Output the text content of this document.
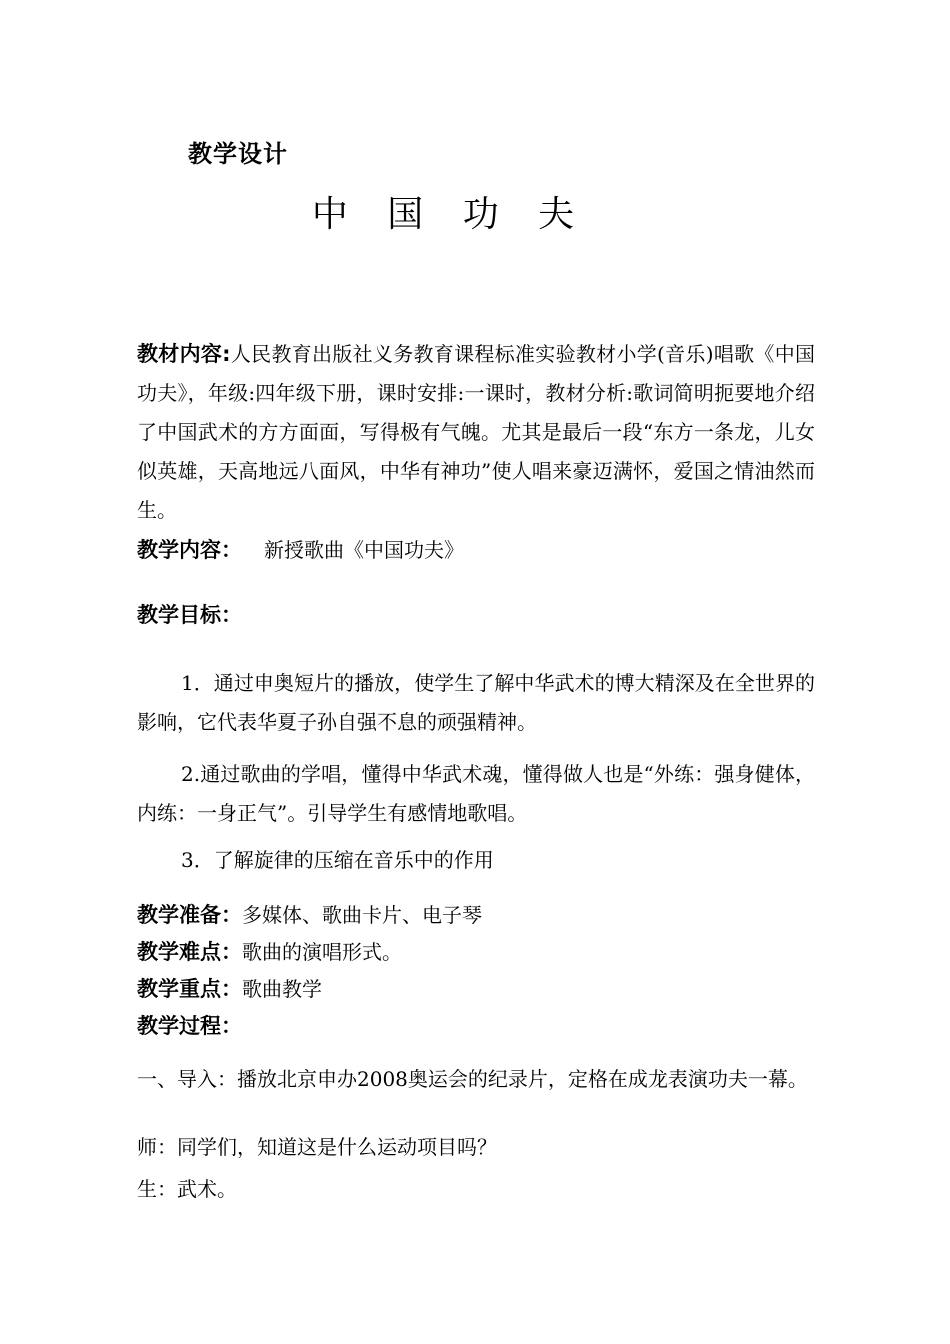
教学设计
中 国 功 夫
教材内容:人民教育出版社义务教育课程标准实验教材小学(音乐)唱歌《中国功夫》，年级:四年级下册，课时安排:一课时，教材分析:歌词简明扼要地介绍了中国武术的方方面面，写得极有气魄。尤其是最后一段“东方一条龙，儿女似英雄，天高地远八面风，中华有神功”使人唱来豪迈满怀，爱国之情油然而生。
教学内容： 新授歌曲《中国功夫》
教学目标：
1．通过申奥短片的播放，使学生了解中华武术的博大精深及在全世界的影响，它代表华夏子孙自强不息的顽强精神。
2.通过歌曲的学唱，懂得中华武术魂，懂得做人也是“外练：强身健体，内练：一身正气”。引导学生有感情地歌唱。
3．了解旋律的压缩在音乐中的作用
教学准备：多媒体、歌曲卡片、电子琴
教学难点：歌曲的演唱形式。
教学重点：歌曲教学
教学过程：
一、导入：播放北京申办2008奥运会的纪录片，定格在成龙表演功夫一幕。
师：同学们，知道这是什么运动项目吗？
生：武术。
